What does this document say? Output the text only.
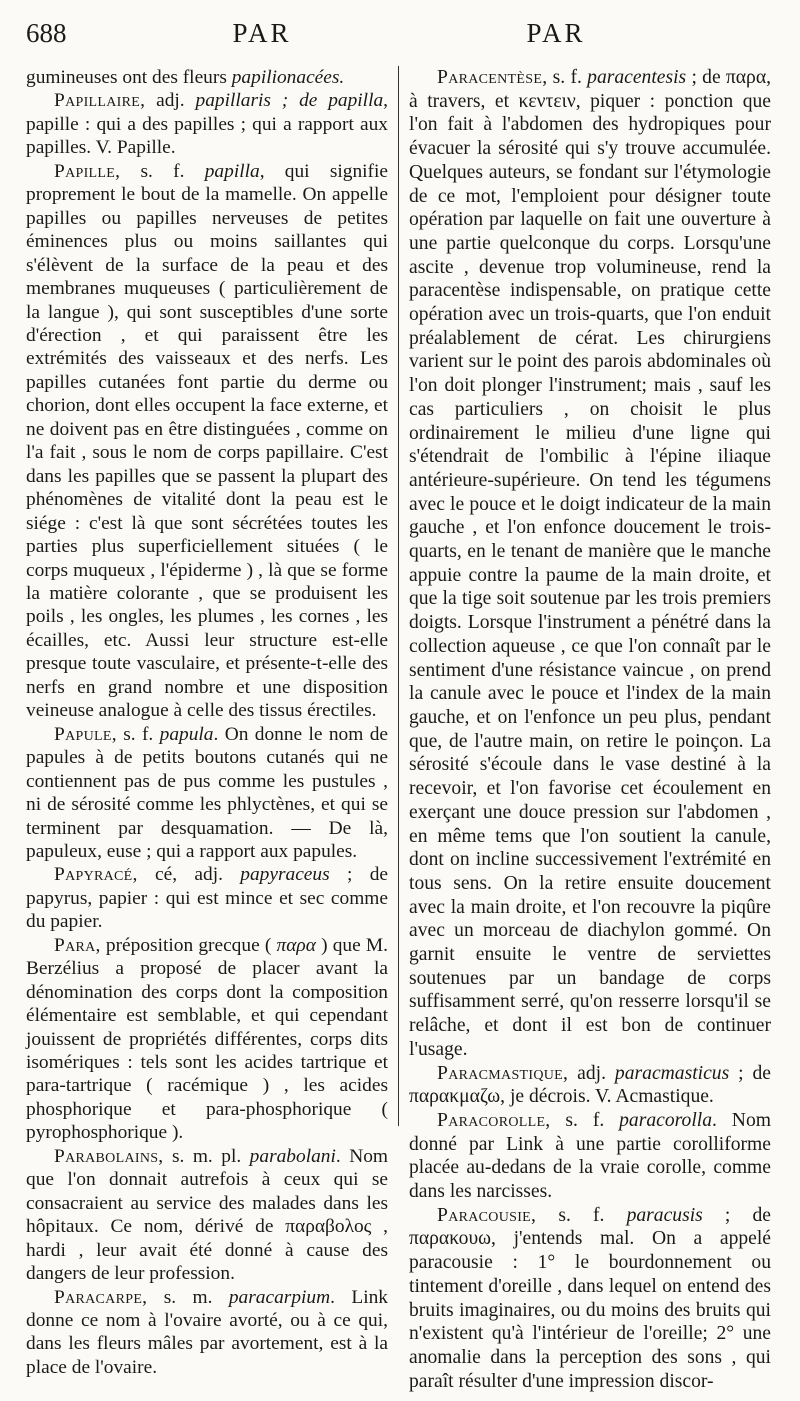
688	PAR	PAR

gumineuses ont des fleurs papilionacées.

Papillaire, adj. papillaris ; de papilla, papille : qui a des papilles ; qui a rapport aux papilles. V. Papille.

Papille, s. f. papilla, qui signifie proprement le bout de la mamelle. On appelle papilles ou papilles nerveuses de petites éminences plus ou moins saillantes qui s'élèvent de la surface de la peau et des membranes muqueuses ( particulièrement de la langue ), qui sont susceptibles d'une sorte d'érection , et qui paraissent être les extrémités des vaisseaux et des nerfs. Les papilles cutanées font partie du derme ou chorion, dont elles occupent la face externe, et ne doivent pas en être distinguées , comme on l'a fait , sous le nom de corps papillaire. C'est dans les papilles que se passent la plupart des phénomènes de vitalité dont la peau est le siége : c'est là que sont sécrétées toutes les parties plus superficiellement situées ( le corps muqueux , l'épiderme ) , là que se forme la matière colorante , que se produisent les poils , les ongles, les plumes , les cornes , les écailles, etc. Aussi leur structure est-elle presque toute vasculaire, et présente-t-elle des nerfs en grand nombre et une disposition veineuse analogue à celle des tissus érectiles.

Papule, s. f. papula. On donne le nom de papules à de petits boutons cutanés qui ne contiennent pas de pus comme les pustules , ni de sérosité comme les phlyctènes, et qui se terminent par desquamation. — De là, papuleux, euse ; qui a rapport aux papules.

Papyracé, cé, adj. papyraceus ; de papyrus, papier : qui est mince et sec comme du papier.

Para, préposition grecque ( παρα ) que M. Berzélius a proposé de placer avant la dénomination des corps dont la composition élémentaire est semblable, et qui cependant jouissent de propriétés différentes, corps dits isomériques : tels sont les acides tartrique et para-tartrique ( racémique ) , les acides phosphorique et para-phosphorique ( pyrophosphorique ).

Parabolains, s. m. pl. parabolani. Nom que l'on donnait autrefois à ceux qui se consacraient au service des malades dans les hôpitaux. Ce nom, dérivé de παραβολος , hardi , leur avait été donné à cause des dangers de leur profession.

Paracarpe, s. m. paracarpium. Link donne ce nom à l'ovaire avorté, ou à ce qui, dans les fleurs mâles par avortement, est à la place de l'ovaire.

Paracentèse, s. f. paracentesis ; de παρα, à travers, et κεντειν, piquer : ponction que l'on fait à l'abdomen des hydropiques pour évacuer la sérosité qui s'y trouve accumulée. Quelques auteurs, se fondant sur l'étymologie de ce mot, l'emploient pour désigner toute opération par laquelle on fait une ouverture à une partie quelconque du corps. Lorsqu'une ascite , devenue trop volumineuse, rend la paracentèse indispensable, on pratique cette opération avec un trois-quarts, que l'on enduit préalablement de cérat. Les chirurgiens varient sur le point des parois abdominales où l'on doit plonger l'instrument; mais , sauf les cas particuliers , on choisit le plus ordinairement le milieu d'une ligne qui s'étendrait de l'ombilic à l'épine iliaque antérieure-supérieure. On tend les tégumens avec le pouce et le doigt indicateur de la main gauche , et l'on enfonce doucement le trois-quarts, en le tenant de manière que le manche appuie contre la paume de la main droite, et que la tige soit soutenue par les trois premiers doigts. Lorsque l'instrument a pénétré dans la collection aqueuse , ce que l'on connaît par le sentiment d'une résistance vaincue , on prend la canule avec le pouce et l'index de la main gauche, et on l'enfonce un peu plus, pendant que, de l'autre main, on retire le poinçon. La sérosité s'écoule dans le vase destiné à la recevoir, et l'on favorise cet écoulement en exerçant une douce pression sur l'abdomen , en même tems que l'on soutient la canule, dont on incline successivement l'extrémité en tous sens. On la retire ensuite doucement avec la main droite, et l'on recouvre la piqûre avec un morceau de diachylon gommé. On garnit ensuite le ventre de serviettes soutenues par un bandage de corps suffisamment serré, qu'on resserre lorsqu'il se relâche, et dont il est bon de continuer l'usage.

Paracmastique, adj. paracmasticus ; de παρακμαζω, je décrois. V. Acmastique.

Paracorolle, s. f. paracorolla. Nom donné par Link à une partie corolliforme placée au-dedans de la vraie corolle, comme dans les narcisses.

Paracousie, s. f. paracusis ; de παρακουω, j'entends mal. On a appelé paracousie : 1° le bourdonnement ou tintement d'oreille , dans lequel on entend des bruits imaginaires, ou du moins des bruits qui n'existent qu'à l'intérieur de l'oreille; 2° une anomalie dans la perception des sons , qui paraît résulter d'une impression discor-
